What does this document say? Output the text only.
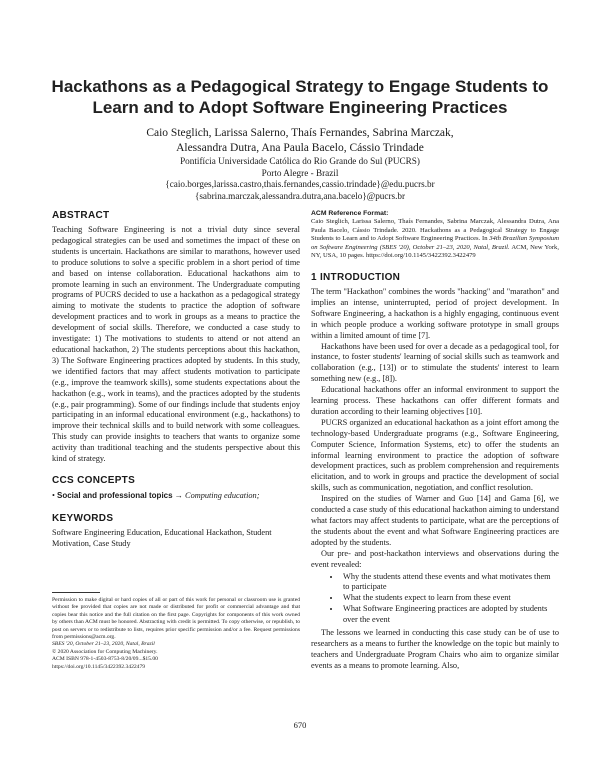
Hackathons as a Pedagogical Strategy to Engage Students to Learn and to Adopt Software Engineering Practices
Caio Steglich, Larissa Salerno, Thaís Fernandes, Sabrina Marczak,
Alessandra Dutra, Ana Paula Bacelo, Cássio Trindade
Pontifícia Universidade Católica do Rio Grande do Sul (PUCRS)
Porto Alegre - Brazil
{caio.borges,larissa.castro,thais.fernandes,cassio.trindade}@edu.pucrs.br
{sabrina.marczak,alessandra.dutra,ana.bacelo}@pucrs.br
ABSTRACT

Teaching Software Engineering is not a trivial duty since several pedagogical strategies can be used and sometimes the impact of these on students is uncertain. Hackathons are similar to marathons, however used to produce solutions to solve a specific problem in a short period of time and based on intense collaboration. Educational hackathons aim to promote learning in such an environment. The Undergraduate computing programs of PUCRS decided to use a hackathon as a pedagogical strategy aiming to motivate the students to practice the adoption of software development practices and to work in groups as a means to practice the development of social skills. Therefore, we conducted a case study to investigate: 1) The motivations to students to attend or not attend an educational hackathon, 2) The students perceptions about this hackathon, 3) The Software Engineering practices adopted by students. In this study, we identified factors that may affect students motivation to participate (e.g., improve the teamwork skills), some students expectations about the hackathon (e.g., work in teams), and the practices adopted by the students (e.g., pair programming). Some of our findings include that students enjoy participating in an informal educational environment (e.g., hackathons) to improve their technical skills and to build network with some colleagues. This study can provide insights to teachers that wants to organize some activity than traditional teaching and the students perspective about this kind of strategy.

CCS CONCEPTS

• Social and professional topics → Computing education;

KEYWORDS

Software Engineering Education, Educational Hackathon, Student Motivation, Case Study

Permission to make digital or hard copies of all or part of this work for personal or classroom use is granted without fee provided that copies are not made or distributed for profit or commercial advantage and that copies bear this notice and the full citation on the first page. Copyrights for components of this work owned by others than ACM must be honored. Abstracting with credit is permitted. To copy otherwise, or republish, to post on servers or to redistribute to lists, requires prior specific permission and/or a fee. Request permissions from permissions@acm.org.
SBES '20, October 21–23, 2020, Natal, Brazil
© 2020 Association for Computing Machinery.
ACM ISBN 978-1-4503-8753-8/20/09...$15.00
https://doi.org/10.1145/3422392.3422479
ACM Reference Format:

Caio Steglich, Larissa Salerno, Thaís Fernandes, Sabrina Marczak, Alessandra Dutra, Ana Paula Bacelo, Cássio Trindade. 2020. Hackathons as a Pedagogical Strategy to Engage Students to Learn and to Adopt Software Engineering Practices. In 34th Brazilian Symposium on Software Engineering (SBES '20), October 21–23, 2020, Natal, Brazil. ACM, New York, NY, USA, 10 pages. https://doi.org/10.1145/3422392.3422479

1 INTRODUCTION

The term "Hackathon" combines the words "hacking" and "marathon" and implies an intense, uninterrupted, period of project development. In Software Engineering, a hackathon is a highly engaging, continuous event in which people produce a working software prototype in small groups within a limited amount of time [7].

Hackathons have been used for over a decade as a pedagogical tool, for instance, to foster students' learning of social skills such as teamwork and collaboration (e.g., [13]) or to stimulate the students' interest to learn something new (e.g., [8]).

Educational hackathons offer an informal environment to support the learning process. These hackathons can offer different formats and duration according to their learning objectives [10].

PUCRS organized an educational hackathon as a joint effort among the technology-based Undergraduate programs (e.g., Software Engineering, Computer Science, Information Systems, etc) to offer the students an informal learning environment to practice the adoption of software development practices, such as problem comprehension and requirements elicitation, and to work in groups and practice the development of social skills, such as communication, negotiation, and conflict resolution.

Inspired on the studies of Warner and Guo [14] and Gama [6], we conducted a case study of this educational hackathon aiming to understand what factors may affect students to participate, what are the perceptions of the students about the event and what Software Engineering practices are adopted by the students.

Our pre- and post-hackathon interviews and observations during the event revealed:

• Why the students attend these events and what motivates them to participate
• What the students expect to learn from these event
• What Software Engineering practices are adopted by students over the event

The lessons we learned in conducting this case study can be of use to researchers as a means to further the knowledge on the topic but mainly to teachers and Undergraduate Program Chairs who aim to organize similar events as a means to promote learning. Also,

670
